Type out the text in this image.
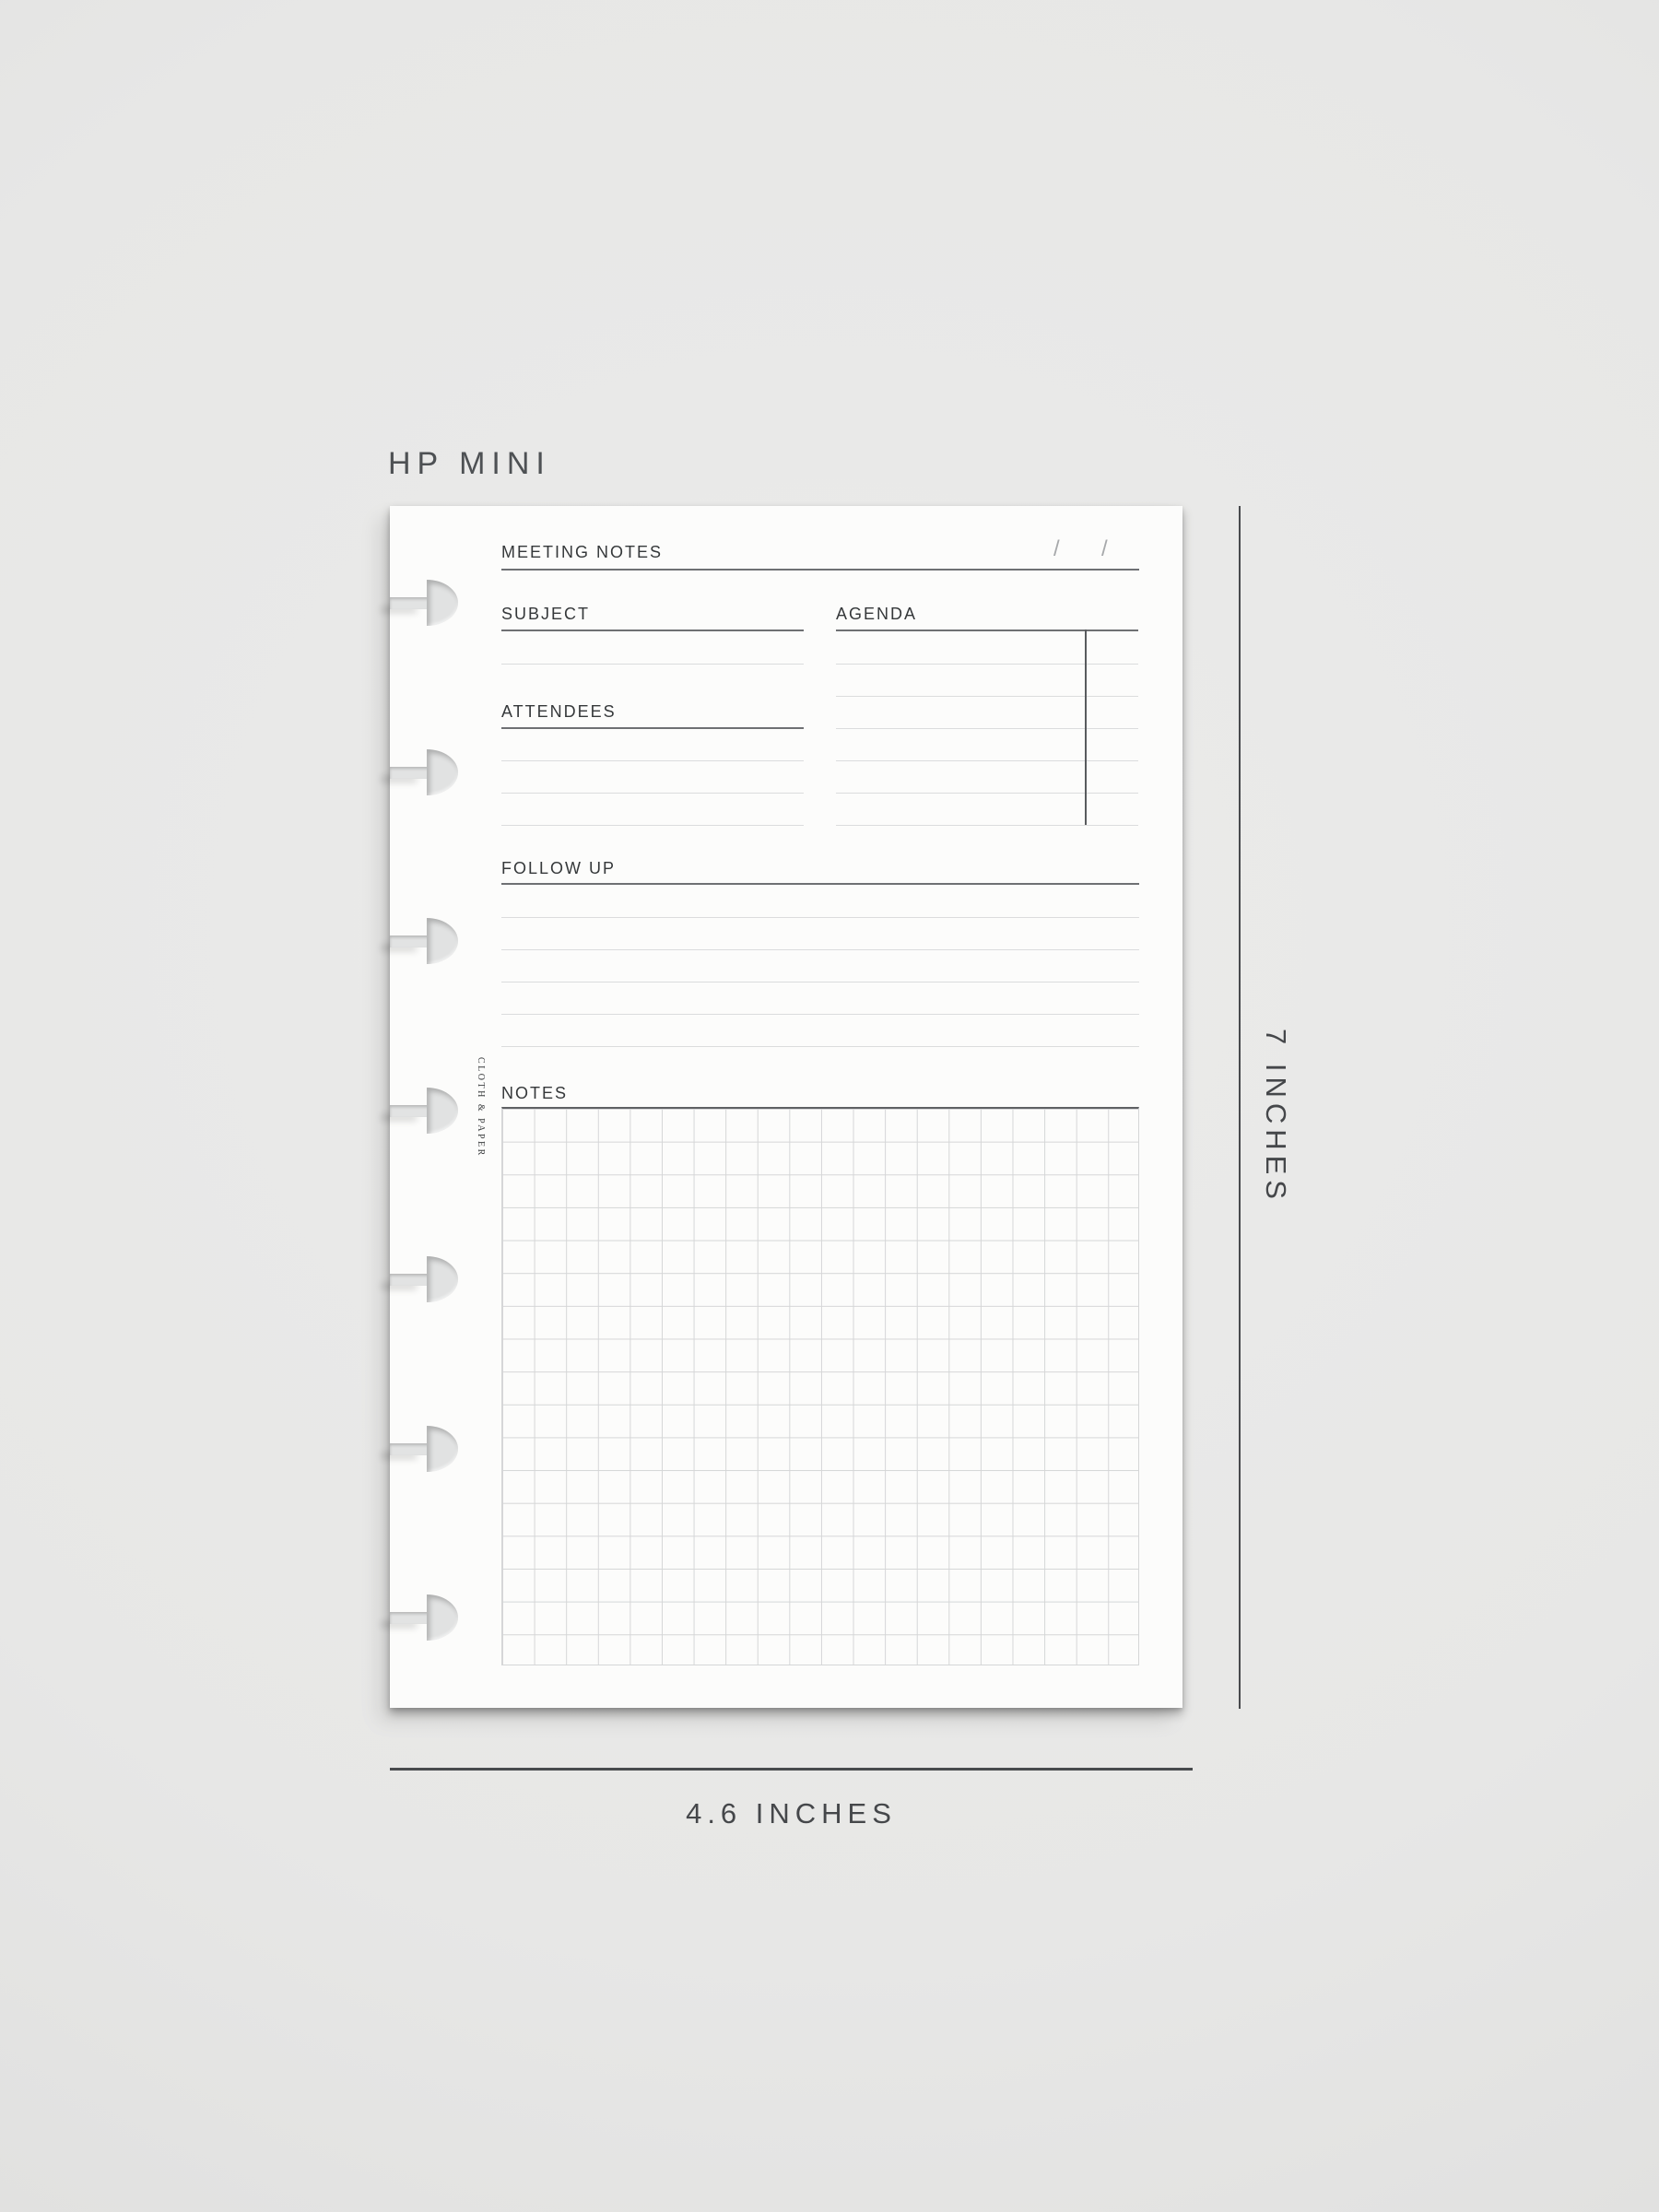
HP MINI
CLOTH & PAPER
MEETING NOTES	/ /
SUBJECT	AGENDA
ATTENDEES
FOLLOW UP
NOTES	7 INCHES
4.6 INCHES
